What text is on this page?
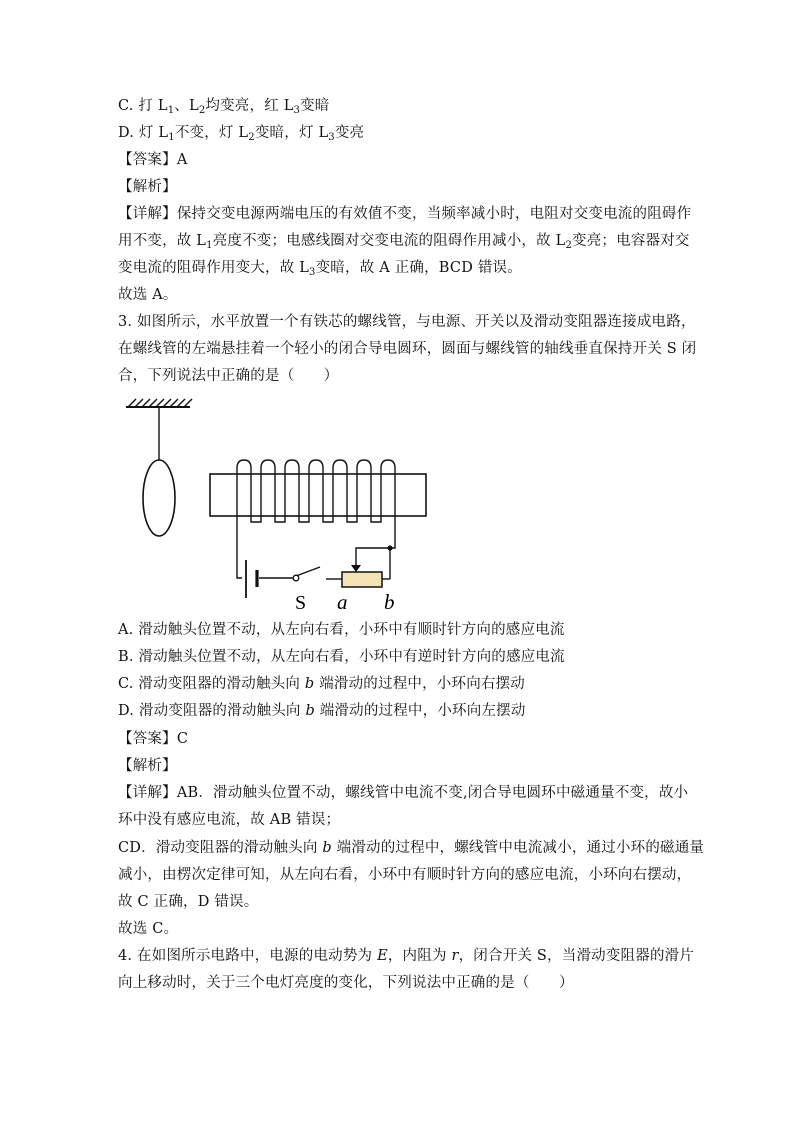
C. 打 $L_1$、$L_2$均变亮，红 $L_3$变暗
D. 灯 $L_1$不变，灯 $L_2$变暗，灯 $L_3$变亮
【答案】A
【解析】
【详解】保持交变电源两端电压的有效值不变，当频率减小时，电阻对交变电流的阻碍作
用不变，故 $L_1$亮度不变；电感线圈对交变电流的阻碍作用减小，故 $L_2$变亮；电容器对交
变电流的阻碍作用变大，故 $L_3$变暗，故 A 正确，BCD 错误。
故选 A。
3. 如图所示，水平放置一个有铁芯的螺线管，与电源、开关以及滑动变阻器连接成电路，
在螺线管的左端悬挂着一个轻小的闭合导电圆环，圆面与螺线管的轴线垂直保持开关 S 闭
合，下列说法中正确的是（　　）
S a b
A. 滑动触头位置不动，从左向右看，小环中有顺时针方向的感应电流
B. 滑动触头位置不动，从左向右看，小环中有逆时针方向的感应电流
C. 滑动变阻器的滑动触头向 b 端滑动的过程中，小环向右摆动
D. 滑动变阻器的滑动触头向 b 端滑动的过程中，小环向左摆动
【答案】C
【解析】
【详解】AB．滑动触头位置不动，螺线管中电流不变,闭合导电圆环中磁通量不变，故小
环中没有感应电流，故 AB 错误；
CD．滑动变阻器的滑动触头向 b 端滑动的过程中，螺线管中电流减小，通过小环的磁通量
减小，由楞次定律可知，从左向右看，小环中有顺时针方向的感应电流，小环向右摆动，
故 C 正确，D 错误。
故选 C。
4. 在如图所示电路中，电源的电动势为 E，内阻为 r，闭合开关 S，当滑动变阻器的滑片
向上移动时，关于三个电灯亮度的变化，下列说法中正确的是（　　）
